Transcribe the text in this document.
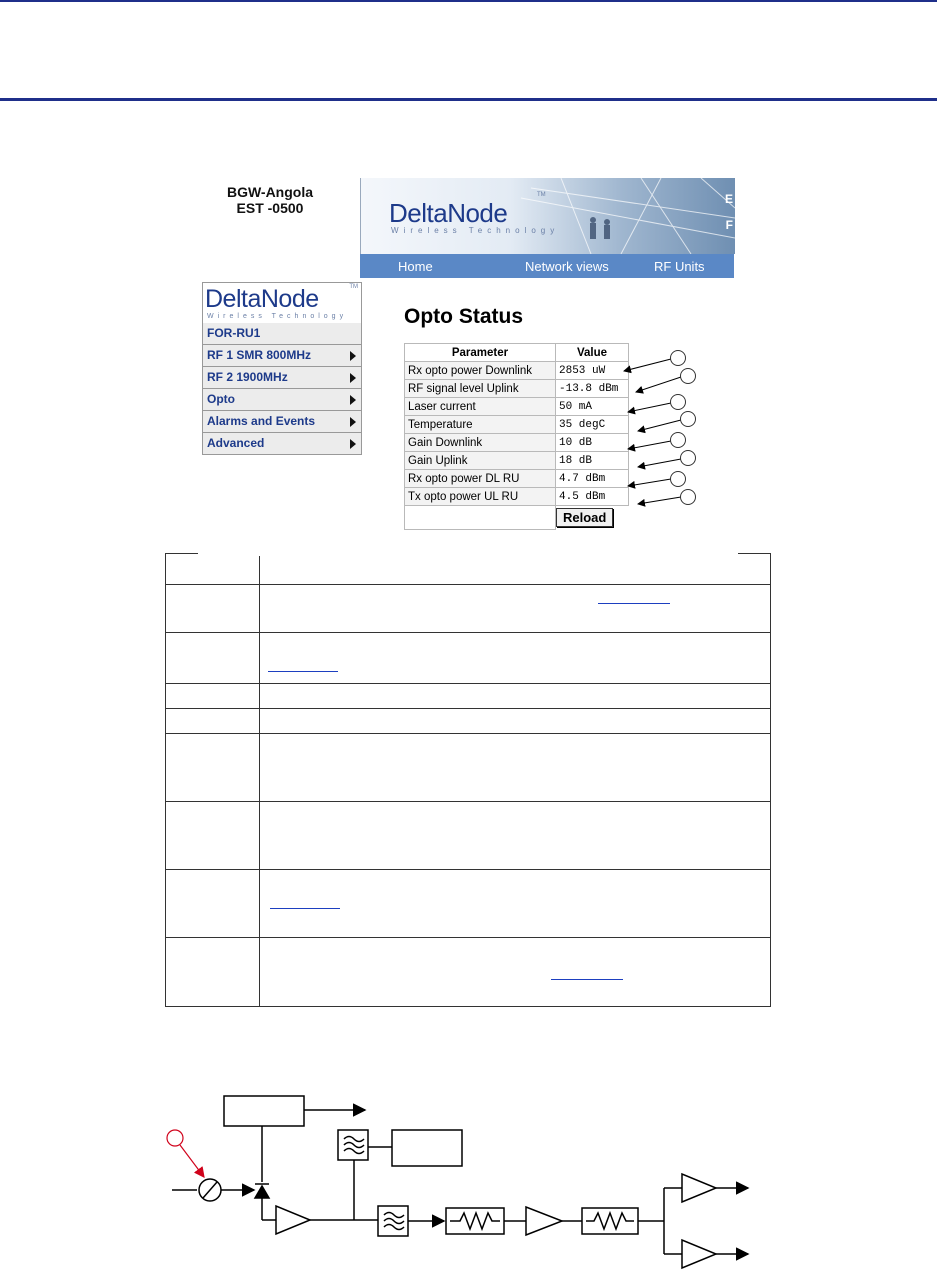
BGW-Angola
EST -0500	DeltaNode
TM
Wireless Technology
E
F
Home	Network views	RF Units
DeltaNode	TM
Wireless Technology
FOR-RU1
RF 1 SMR 800MHz
RF 2 1900MHz
Opto
Alarms and Events
Advanced
Opto Status
Parameter	Value
Rx opto power Downlink	2853 uW
RF signal level Uplink	-13.8 dBm
Laser current	50 mA
Temperature	35 degC
Gain Downlink	10 dB
Gain Uplink	18 dB
Rx opto power DL RU	4.7 dBm
Tx opto power UL RU	4.5 dBm
	Reload
